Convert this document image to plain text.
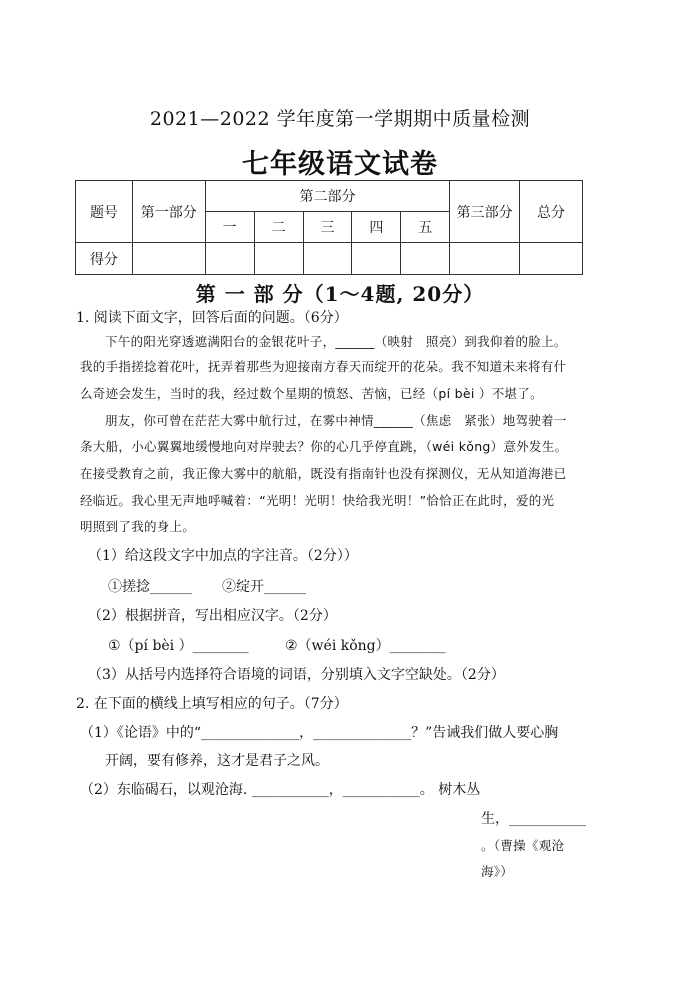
2021—2022 学年度第一学期期中质量检测
七年级语文试卷
题号	第一部分	第二部分					第三部分	总分
		一	二	三	四	五		
得分								
第 一 部 分（1～4题, 20分）
1. 阅读下面文字，回答后面的问题。（6分）
下午的阳光穿透遮满阳台的金银花叶子，______（映射　照亮）到我仰着的脸上。
我的手指搓捻着花叶，抚弄着那些为迎接南方春天而绽开的花朵。我不知道未来将有什
么奇迹会发生，当时的我，经过数个星期的愤怒、苦恼，已经（pí bèi ）不堪了。
朋友，你可曾在茫茫大雾中航行过，在雾中神情______（焦虑　紧张）地驾驶着一
条大船，小心翼翼地缓慢地向对岸驶去？你的心几乎停直跳，（wéi kǒng）意外发生。
在接受教育之前，我正像大雾中的航船，既没有指南针也没有探测仪，无从知道海港已
经临近。我心里无声地呼喊着：“光明！光明！快给我光明！”恰恰正在此时，爱的光
明照到了我的身上。
（1）给这段文字中加点的字注音。（2分））
①搓捻______ ②绽开______
（2）根据拼音，写出相应汉字。（2分）
①（pí bèi ）________	②（wéi kǒng）________
（3）从括号内选择符合语境的词语，分别填入文字空缺处。（2分）
2. 在下面的横线上填写相应的句子。（7分）
（1）《论语》中的“______________，______________？”告诫我们做人要心胸
开阔，要有修养，这才是君子之风。
（2）东临碣石，以观沧海. ___________，___________。 树木丛
生，___________
。（曹操《观沧
海》）
